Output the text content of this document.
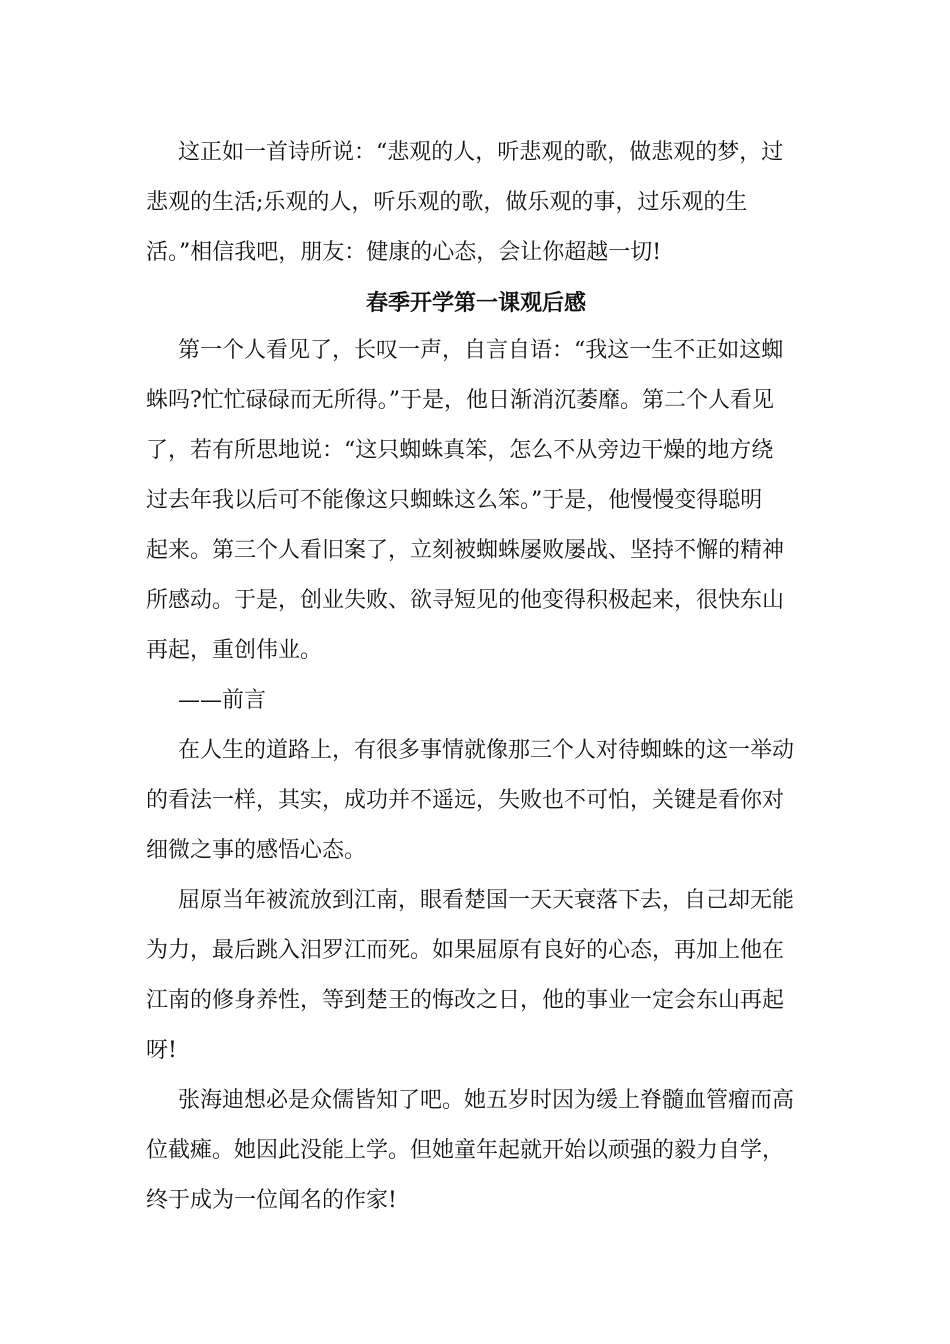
这正如一首诗所说：“悲观的人，听悲观的歌，做悲观的梦，过
悲观的生活;乐观的人，听乐观的歌，做乐观的事，过乐观的生
活。”相信我吧，朋友：健康的心态，会让你超越一切!
春季开学第一课观后感
第一个人看见了，长叹一声，自言自语：“我这一生不正如这蜘
蛛吗?忙忙碌碌而无所得。”于是，他日渐消沉萎靡。第二个人看见
了，若有所思地说：“这只蜘蛛真笨，怎么不从旁边干燥的地方绕
过去年我以后可不能像这只蜘蛛这么笨。”于是，他慢慢变得聪明
起来。第三个人看旧案了，立刻被蜘蛛屡败屡战、坚持不懈的精神
所感动。于是，创业失败、欲寻短见的他变得积极起来，很快东山
再起，重创伟业。
——前言
在人生的道路上，有很多事情就像那三个人对待蜘蛛的这一举动
的看法一样，其实，成功并不遥远，失败也不可怕，关键是看你对
细微之事的感悟心态。
屈原当年被流放到江南，眼看楚国一天天衰落下去，自己却无能
为力，最后跳入汨罗江而死。如果屈原有良好的心态，再加上他在
江南的修身养性，等到楚王的悔改之日，他的事业一定会东山再起
呀!
张海迪想必是众儒皆知了吧。她五岁时因为缓上脊髓血管瘤而高
位截瘫。她因此没能上学。但她童年起就开始以顽强的毅力自学，
终于成为一位闻名的作家!
